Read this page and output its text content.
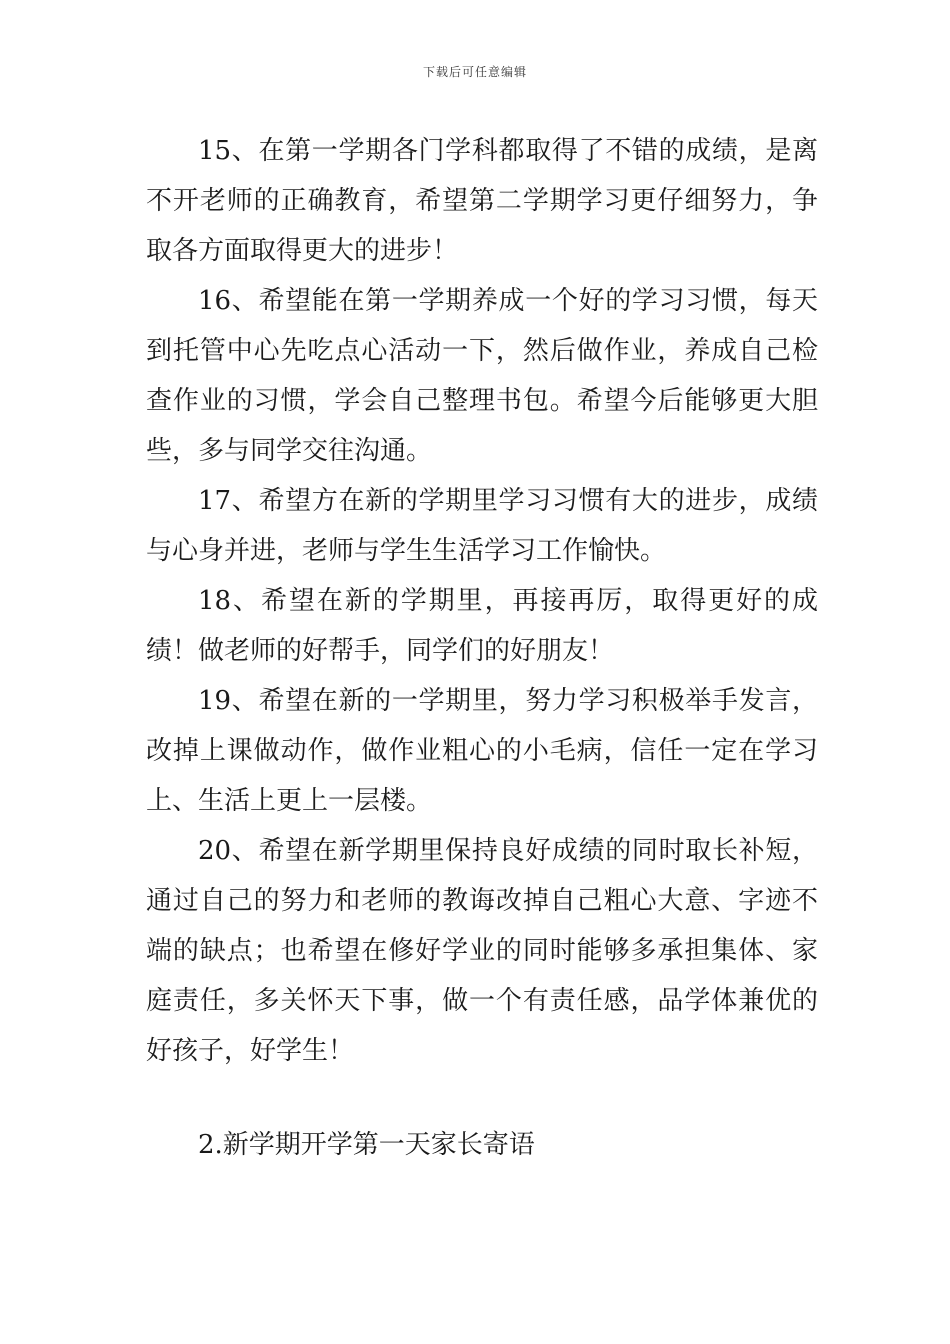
下载后可任意编辑

15、在第一学期各门学科都取得了不错的成绩，是离不开老师的正确教育，希望第二学期学习更仔细努力，争取各方面取得更大的进步！

16、希望能在第一学期养成一个好的学习习惯，每天到托管中心先吃点心活动一下，然后做作业，养成自己检查作业的习惯，学会自己整理书包。希望今后能够更大胆些，多与同学交往沟通。

17、希望方在新的学期里学习习惯有大的进步，成绩与心身并进，老师与学生生活学习工作愉快。

18、希望在新的学期里，再接再厉，取得更好的成绩！做老师的好帮手，同学们的好朋友！

19、希望在新的一学期里，努力学习积极举手发言，改掉上课做动作，做作业粗心的小毛病，信任一定在学习上、生活上更上一层楼。

20、希望在新学期里保持良好成绩的同时取长补短，通过自己的努力和老师的教诲改掉自己粗心大意、字迹不端的缺点；也希望在修好学业的同时能够多承担集体、家庭责任，多关怀天下事，做一个有责任感，品学体兼优的好孩子，好学生！

2.新学期开学第一天家长寄语
